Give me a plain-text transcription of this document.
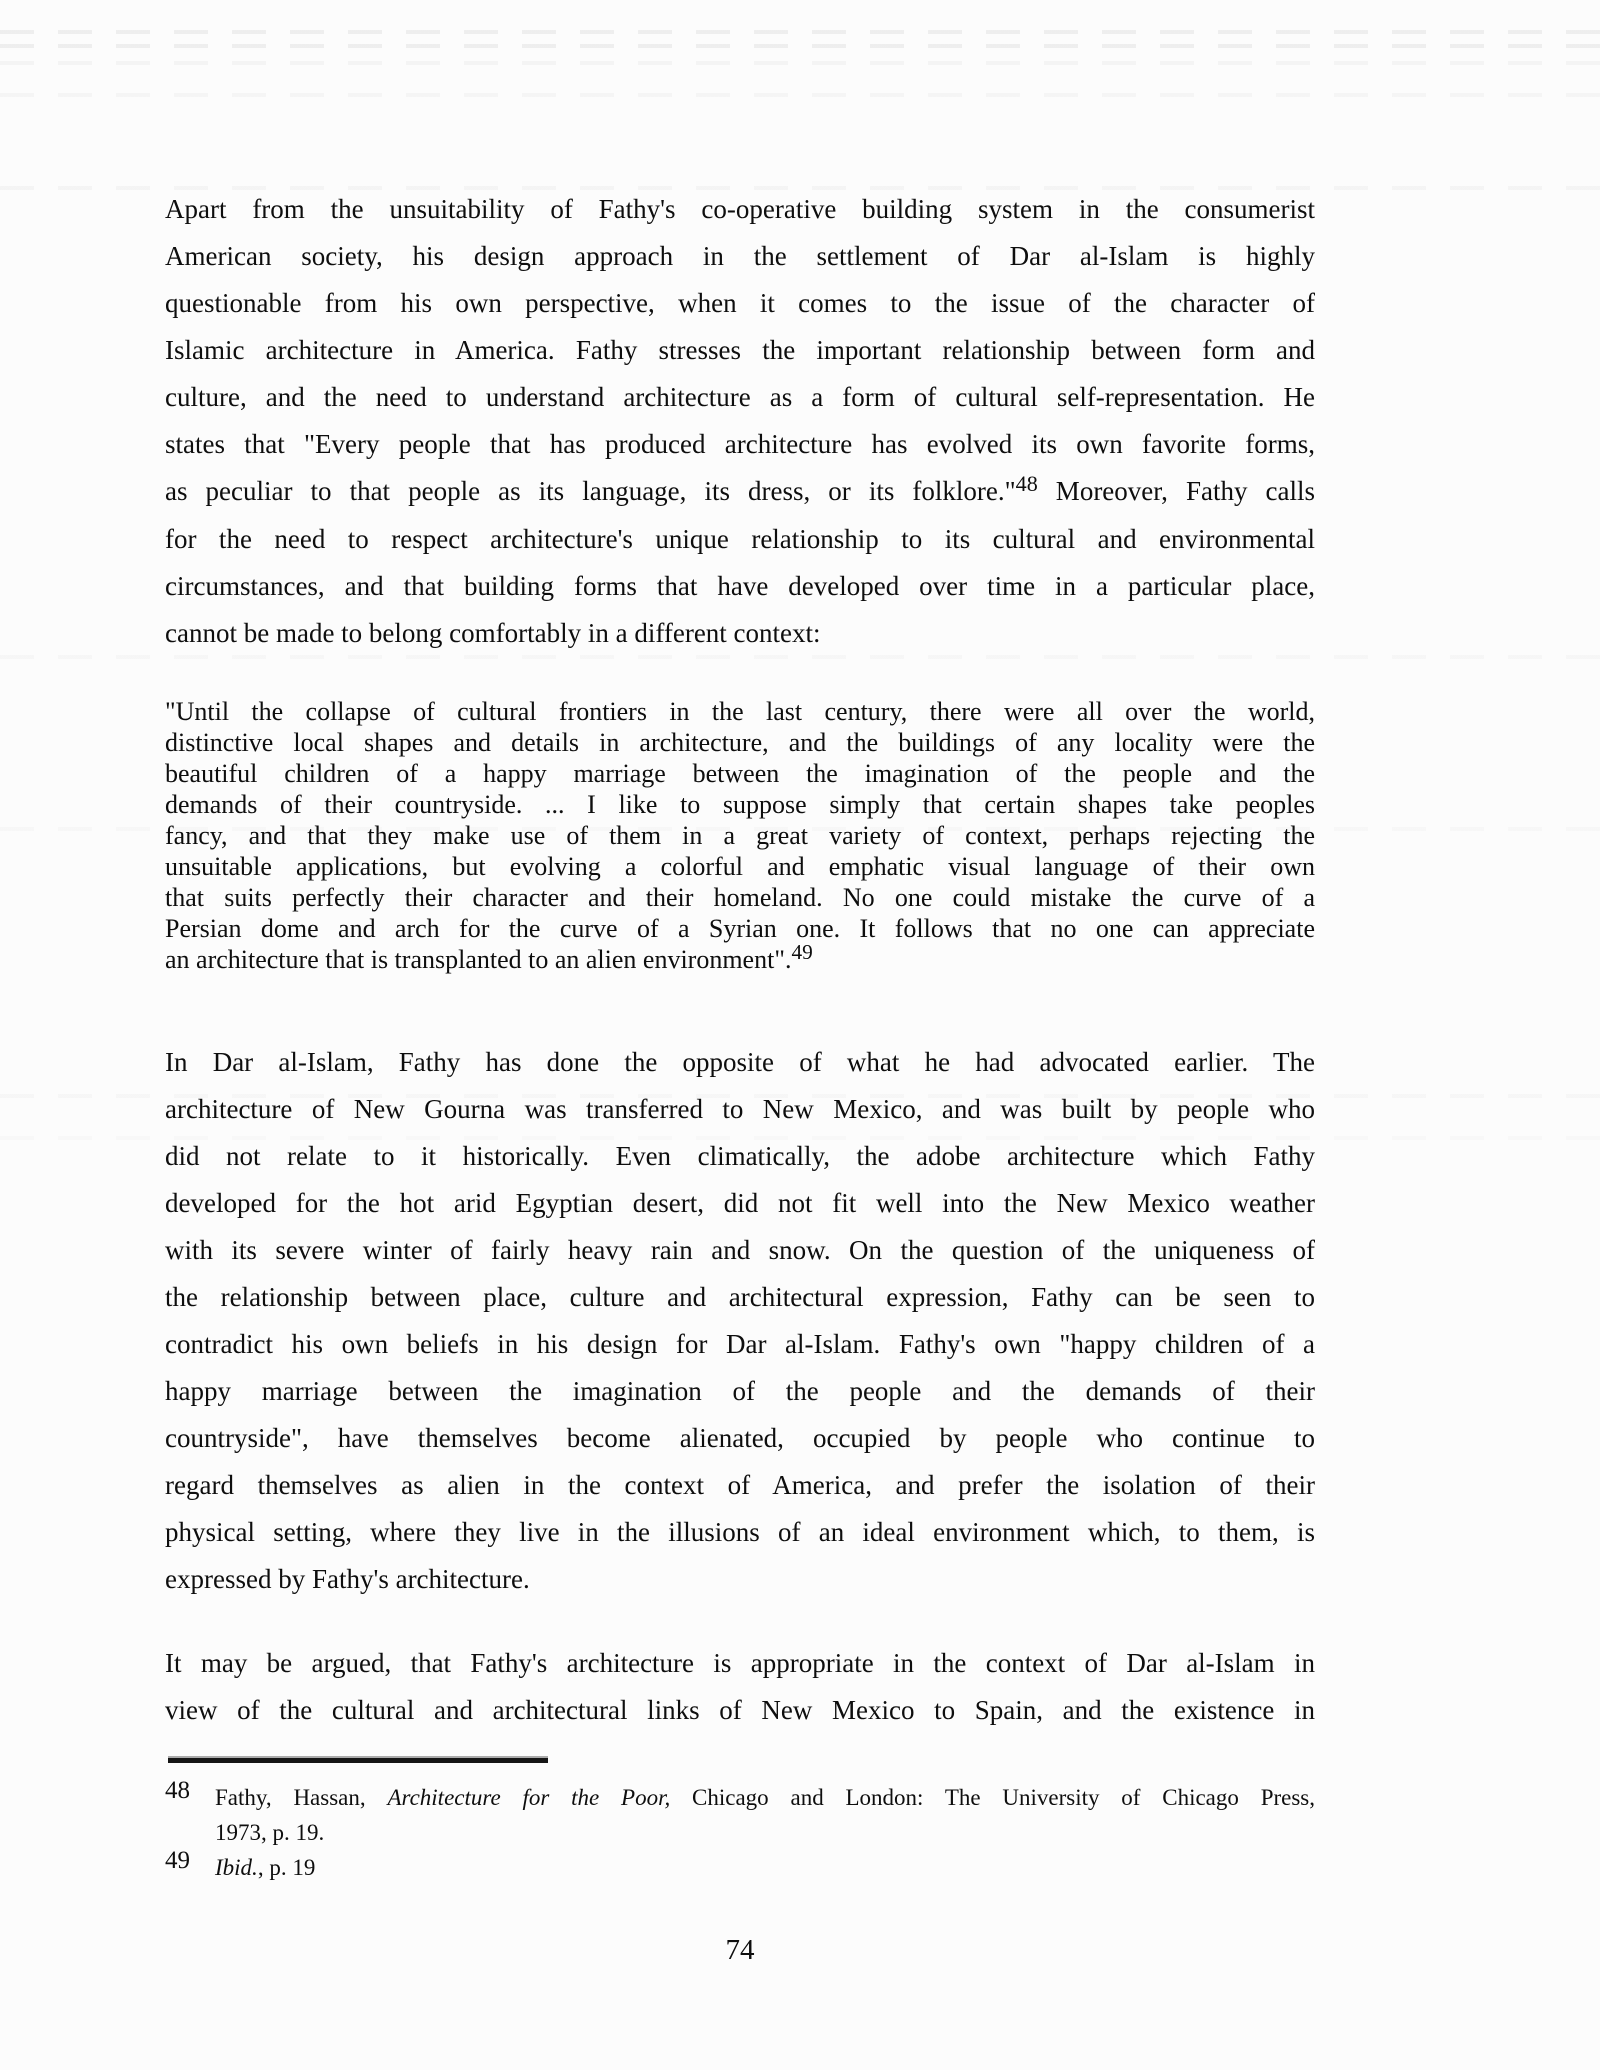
Apart from the unsuitability of Fathy's co-operative building system in the consumerist
American society, his design approach in the settlement of Dar al-Islam is highly
questionable from his own perspective, when it comes to the issue of the character of
Islamic architecture in America. Fathy stresses the important relationship between form and
culture, and the need to understand architecture as a form of cultural self-representation. He
states that "Every people that has produced architecture has evolved its own favorite forms,
as peculiar to that people as its language, its dress, or its folklore."$^{48}$ Moreover, Fathy calls
for the need to respect architecture's unique relationship to its cultural and environmental
circumstances, and that building forms that have developed over time in a particular place,
cannot be made to belong comfortably in a different context:
"Until the collapse of cultural frontiers in the last century, there were all over the world,
distinctive local shapes and details in architecture, and the buildings of any locality were the
beautiful children of a happy marriage between the imagination of the people and the
demands of their countryside. ... I like to suppose simply that certain shapes take peoples
fancy, and that they make use of them in a great variety of context, perhaps rejecting the
unsuitable applications, but evolving a colorful and emphatic visual language of their own
that suits perfectly their character and their homeland. No one could mistake the curve of a
Persian dome and arch for the curve of a Syrian one. It follows that no one can appreciate
an architecture that is transplanted to an alien environment".$^{49}$
In Dar al-Islam, Fathy has done the opposite of what he had advocated earlier. The
architecture of New Gourna was transferred to New Mexico, and was built by people who
did not relate to it historically. Even climatically, the adobe architecture which Fathy
developed for the hot arid Egyptian desert, did not fit well into the New Mexico weather
with its severe winter of fairly heavy rain and snow. On the question of the uniqueness of
the relationship between place, culture and architectural expression, Fathy can be seen to
contradict his own beliefs in his design for Dar al-Islam. Fathy's own "happy children of a
happy marriage between the imagination of the people and the demands of their
countryside", have themselves become alienated, occupied by people who continue to
regard themselves as alien in the context of America, and prefer the isolation of their
physical setting, where they live in the illusions of an ideal environment which, to them, is
expressed by Fathy's architecture.
It may be argued, that Fathy's architecture is appropriate in the context of Dar al-Islam in
view of the cultural and architectural links of New Mexico to Spain, and the existence in
48	Fathy, Hassan, Architecture for the Poor, Chicago and London: The University of Chicago Press,
1973, p. 19.
49	Ibid., p. 19
74
